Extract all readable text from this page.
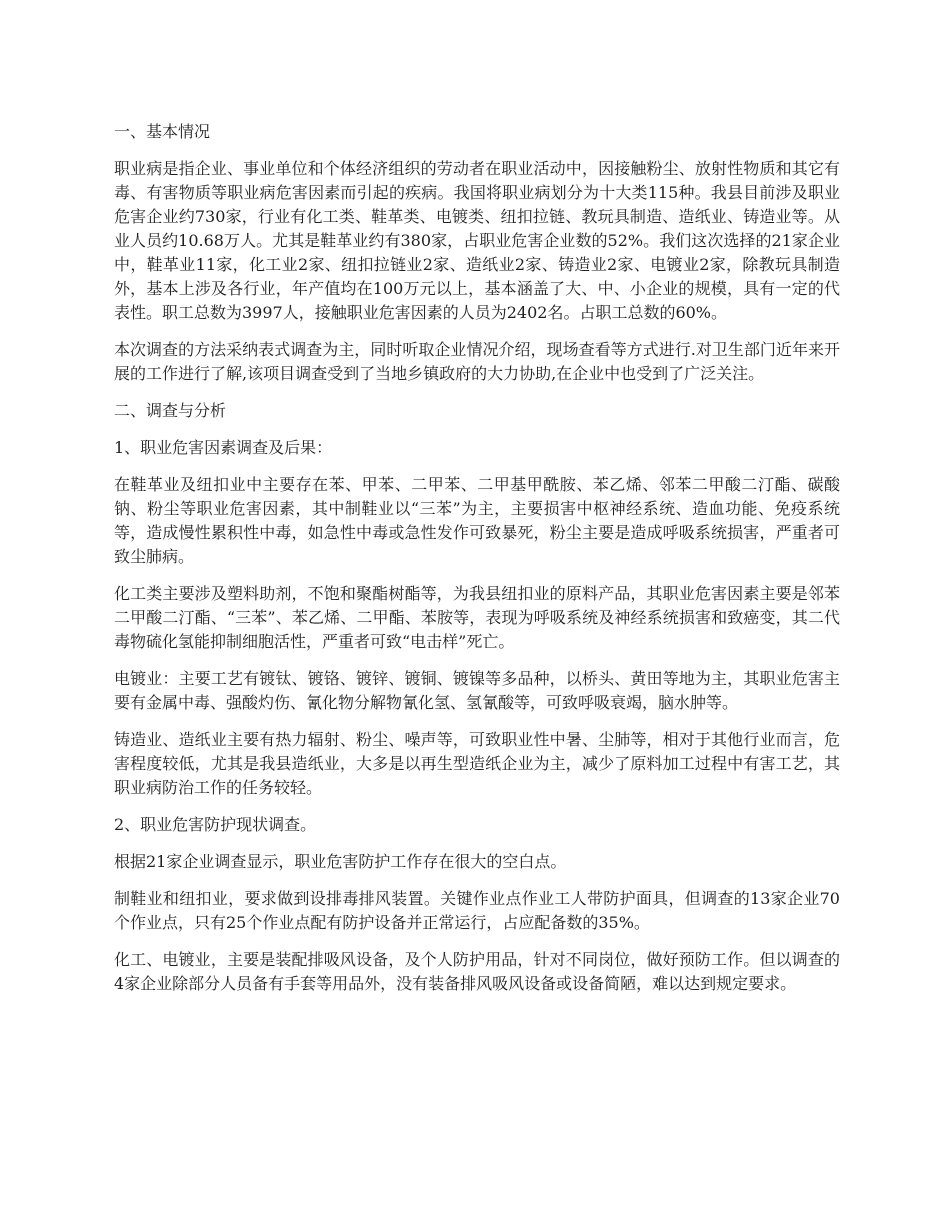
一、基本情况

职业病是指企业、事业单位和个体经济组织的劳动者在职业活动中，因接触粉尘、放射性物质和其它有毒、有害物质等职业病危害因素而引起的疾病。我国将职业病划分为十大类115种。我县目前涉及职业危害企业约730家，行业有化工类、鞋革类、电镀类、纽扣拉链、教玩具制造、造纸业、铸造业等。从业人员约10.68万人。尤其是鞋革业约有380家，占职业危害企业数的52%。我们这次选择的21家企业中，鞋革业11家，化工业2家、纽扣拉链业2家、造纸业2家、铸造业2家、电镀业2家，除教玩具制造外，基本上涉及各行业，年产值均在100万元以上，基本涵盖了大、中、小企业的规模，具有一定的代表性。职工总数为3997人，接触职业危害因素的人员为2402名。占职工总数的60%。

本次调查的方法采纳表式调查为主，同时听取企业情况介绍，现场查看等方式进行.对卫生部门近年来开展的工作进行了解,该项目调查受到了当地乡镇政府的大力协助,在企业中也受到了广泛关注。

二、调查与分析

1、职业危害因素调查及后果：

在鞋革业及纽扣业中主要存在苯、甲苯、二甲苯、二甲基甲酰胺、苯乙烯、邻苯二甲酸二汀酯、碳酸钠、粉尘等职业危害因素，其中制鞋业以“三苯”为主，主要损害中枢神经系统、造血功能、免疫系统等，造成慢性累积性中毒，如急性中毒或急性发作可致暴死，粉尘主要是造成呼吸系统损害，严重者可致尘肺病。

化工类主要涉及塑料助剂，不饱和聚酯树酯等，为我县纽扣业的原料产品，其职业危害因素主要是邻苯二甲酸二汀酯、“三苯”、苯乙烯、二甲酯、苯胺等，表现为呼吸系统及神经系统损害和致癌变，其二代毒物硫化氢能抑制细胞活性，严重者可致“电击样”死亡。

电镀业：主要工艺有镀钛、镀铬、镀锌、镀铜、镀镍等多品种，以桥头、黄田等地为主，其职业危害主要有金属中毒、强酸灼伤、氰化物分解物氰化氢、氢氰酸等，可致呼吸衰竭，脑水肿等。

铸造业、造纸业主要有热力辐射、粉尘、噪声等，可致职业性中暑、尘肺等，相对于其他行业而言，危害程度较低，尤其是我县造纸业，大多是以再生型造纸企业为主，减少了原料加工过程中有害工艺，其职业病防治工作的任务较轻。

2、职业危害防护现状调查。

根据21家企业调查显示，职业危害防护工作存在很大的空白点。

制鞋业和纽扣业，要求做到设排毒排风装置。关键作业点作业工人带防护面具，但调查的13家企业70个作业点，只有25个作业点配有防护设备并正常运行，占应配备数的35%。

化工、电镀业，主要是装配排吸风设备，及个人防护用品，针对不同岗位，做好预防工作。但以调查的4家企业除部分人员备有手套等用品外，没有装备排风吸风设备或设备简陋，难以达到规定要求。
